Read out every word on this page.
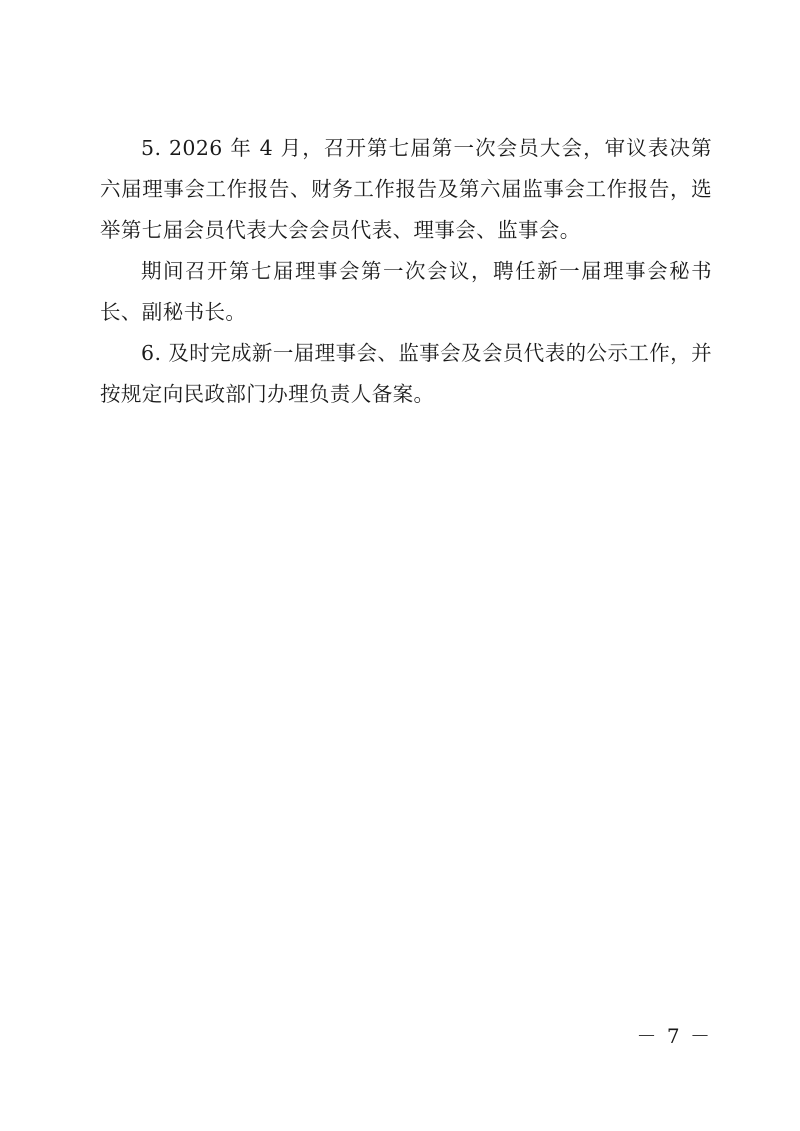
5. 2026 年 4 月，召开第七届第一次会员大会，审议表决第六届理事会工作报告、财务工作报告及第六届监事会工作报告，选举第七届会员代表大会会员代表、理事会、监事会。

期间召开第七届理事会第一次会议，聘任新一届理事会秘书长、副秘书长。

6. 及时完成新一届理事会、监事会及会员代表的公示工作，并按规定向民政部门办理负责人备案。

－ 7 －
